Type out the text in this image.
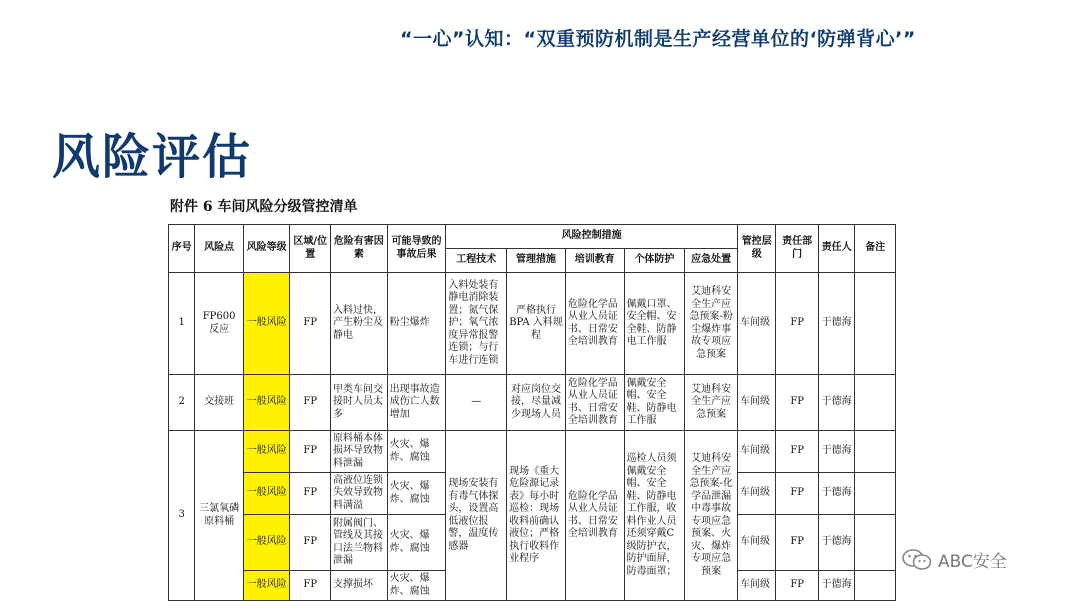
“一心”认知：“双重预防机制是生产经营单位的‘防弹背心’”
风险评估
附件 6 车间风险分级管控清单
序号	风险点	风险等级	区域/位置	危险有害因素	可能导致的事故后果	风险控制措施					管控层级	责任部门	责任人	备注
						工程技术	管理措施	培训教育	个体防护	应急处置				
1	FP600 反应	一般风险	FP	入料过快，产生粉尘及静电	粉尘爆炸	入料处装有静电消除装置；氮气保护；氧气浓度异常报警连锁；与行车进行连锁	严格执行BPA 入料规程	危险化学品从业人员证书、日常安全培训教育	佩戴口罩、安全帽、安全鞋、防静电工作服	艾迪科安全生产应急预案-粉尘爆炸事故专项应急预案	车间级	FP	于德海	
2	交接班	一般风险	FP	甲类车间交接时人员太多	出现事故造成伤亡人数增加	—	对应岗位交接，尽量减少现场人员	危险化学品从业人员证书、日常安全培训教育	佩戴安全帽、安全鞋、防静电工作服	艾迪科安全生产应急预案	车间级	FP	于德海	
3	三氯氧磷原料桶	一般风险	FP	原料桶本体损坏导致物料泄漏	火灾、爆炸、腐蚀	现场安装有有毒气体探头，设置高低液位报警，温度传感器	现场《重大危险源记录表》每小时巡检：现场收料前确认液位；严格执行收料作业程序	危险化学品从业人员证书、日常安全培训教育	巡检人员须佩戴安全帽、安全鞋、防静电工作服，收料作业人员还须穿戴C级防护衣，防护面屏，防毒面罩；	艾迪科安全生产应急预案-化学品泄漏中毒事故专项应急预案、火灾、爆炸专项应急预案	车间级	FP	于德海	
		一般风险	FP	高液位连锁失效导致物料满溢	火灾、爆炸、腐蚀						车间级	FP	于德海	
		一般风险	FP	附属阀门、管线及其接口法兰物料泄漏	火灾、爆炸、腐蚀						车间级	FP	于德海	
		一般风险	FP	支撑损坏	火灾、爆炸、腐蚀						车间级	FP	于德海	
ABC安全
